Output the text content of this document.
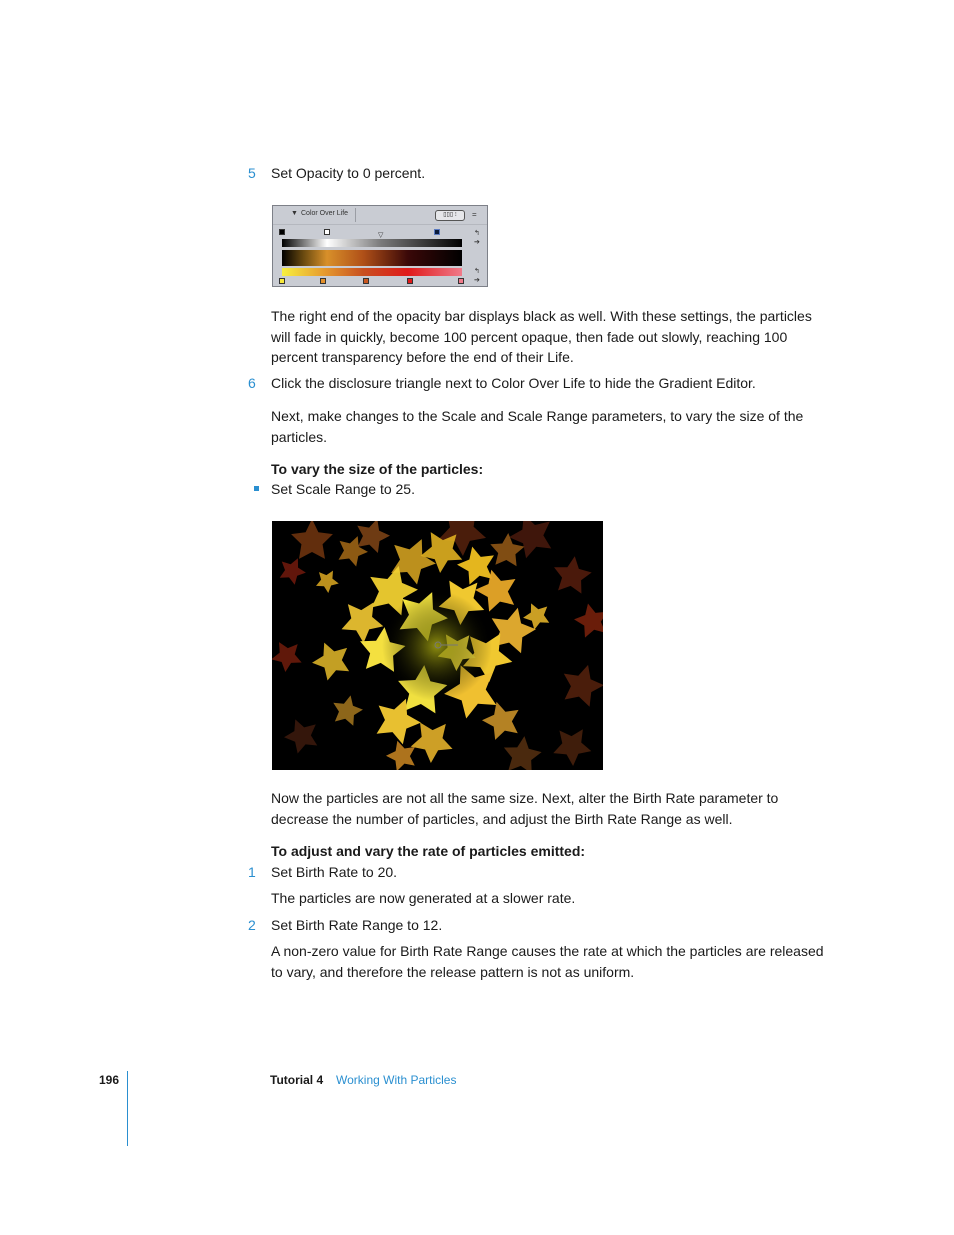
5	Set Opacity to 0 percent.
▼ Color Over Life	▯▯▯ ⁝	=
▽	↰
➔
↰
➔
The right end of the opacity bar displays black as well. With these settings, the particles will fade in quickly, become 100 percent opaque, then fade out slowly, reaching 100 percent transparency before the end of their Life.
6	Click the disclosure triangle next to Color Over Life to hide the Gradient Editor.
Next, make changes to the Scale and Scale Range parameters, to vary the size of the particles.
To vary the size of the particles:
Set Scale Range to 25.
Now the particles are not all the same size. Next, alter the Birth Rate parameter to decrease the number of particles, and adjust the Birth Rate Range as well.
To adjust and vary the rate of particles emitted:
1	Set Birth Rate to 20.
The particles are now generated at a slower rate.
2	Set Birth Rate Range to 12.
A non-zero value for Birth Rate Range causes the rate at which the particles are released to vary, and therefore the release pattern is not as uniform.
196	Tutorial 4 Working With Particles
